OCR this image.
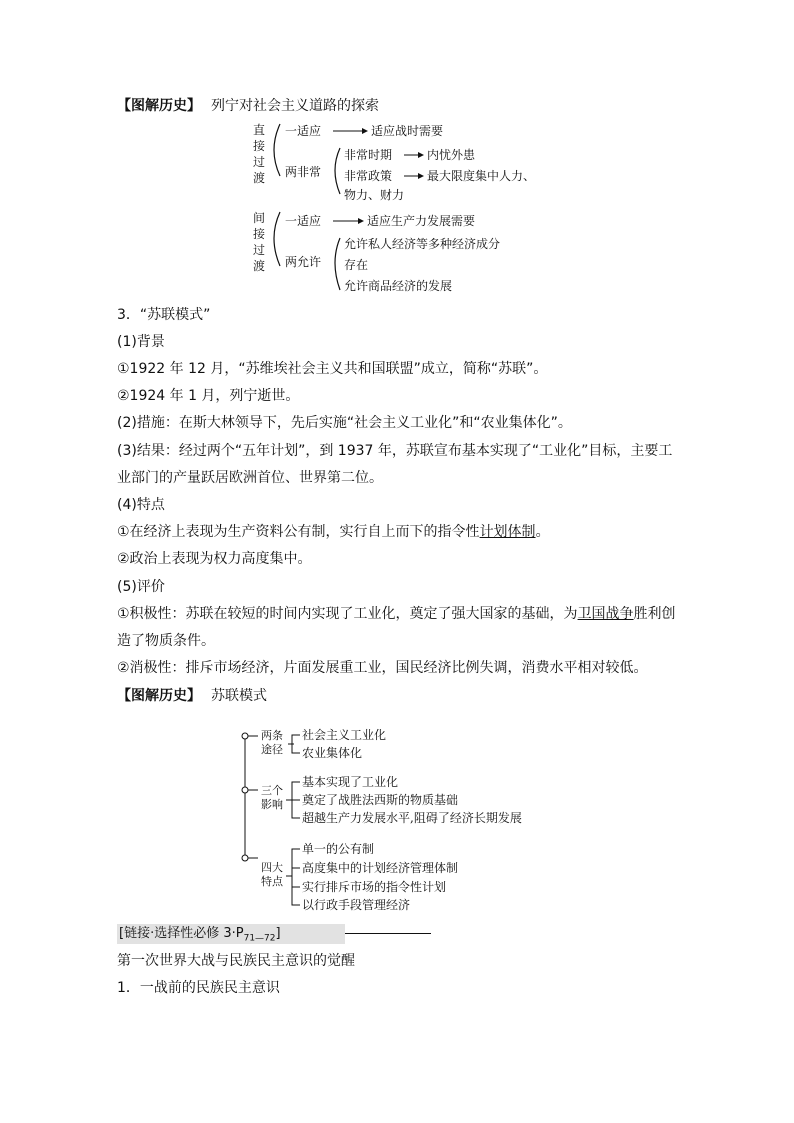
【图解历史】 列宁对社会主义道路的探索
直接过渡
间接过渡
一适应	适应战时需要
两非常
非常时期	内忧外患
非常政策	最大限度集中人力、
物力、财力
一适应	适应生产力发展需要
两允许
允许私人经济等多种经济成分
存在
允许商品经济的发展
3．“苏联模式”
(1)背景
①1922 年 12 月，“苏维埃社会主义共和国联盟”成立，简称“苏联”。
②1924 年 1 月，列宁逝世。
(2)措施：在斯大林领导下，先后实施“社会主义工业化”和“农业集体化”。
(3)结果：经过两个“五年计划”，到 1937 年，苏联宣布基本实现了“工业化”目标，主要工
业部门的产量跃居欧洲首位、世界第二位。
(4)特点
①在经济上表现为生产资料公有制，实行自上而下的指令性计划体制。
②政治上表现为权力高度集中。
(5)评价
①积极性：苏联在较短的时间内实现了工业化，奠定了强大国家的基础，为卫国战争胜利创
造了物质条件。
②消极性：排斥市场经济，片面发展重工业，国民经济比例失调，消费水平相对较低。
【图解历史】 苏联模式
两条
途径
三个
影响
四大
特点
社会主义工业化
农业集体化
基本实现了工业化
奠定了战胜法西斯的物质基础
超越生产力发展水平,阻碍了经济长期发展
单一的公有制
高度集中的计划经济管理体制
实行排斥市场的指令性计划
以行政手段管理经济
[链接·选择性必修 $3\cdot P_{71—72}$]
第一次世界大战与民族民主意识的觉醒
1．一战前的民族民主意识
